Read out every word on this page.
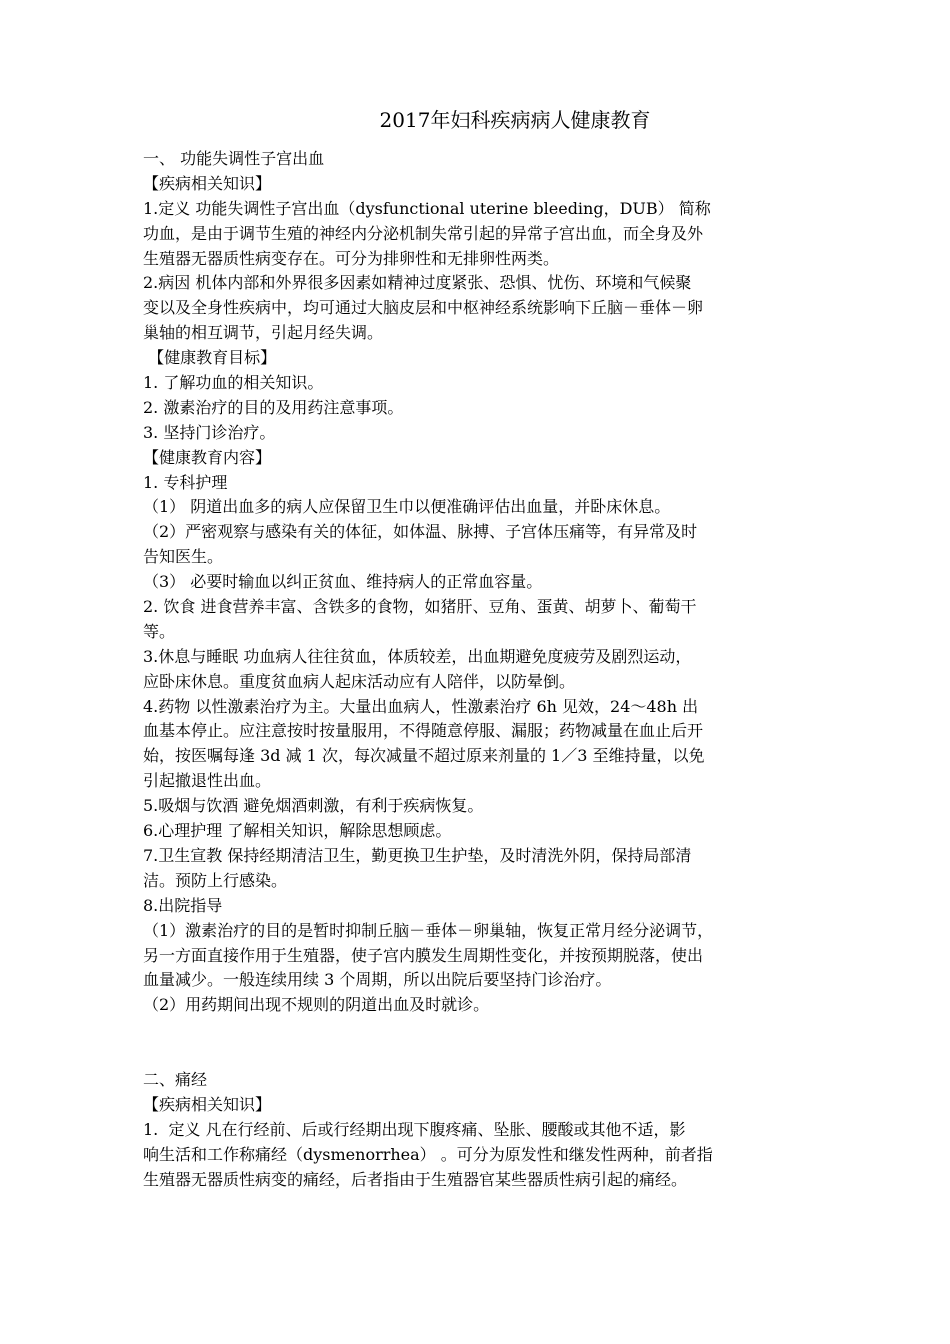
2017年妇科疾病病人健康教育
一、 功能失调性子宫出血
【疾病相关知识】
1.定义 功能失调性子宫出血（dysfunctional uterine bleeding，DUB） 简称
功血，是由于调节生殖的神经内分泌机制失常引起的异常子宫出血，而全身及外
生殖器无器质性病变存在。可分为排卵性和无排卵性两类。
2.病因 机体内部和外界很多因素如精神过度紧张、恐惧、忧伤、环境和气候聚
变以及全身性疾病中，均可通过大脑皮层和中枢神经系统影响下丘脑－垂体－卵
巢轴的相互调节，引起月经失调。
【健康教育目标】
1. 了解功血的相关知识。
2. 激素治疗的目的及用药注意事项。
3. 坚持门诊治疗。
【健康教育内容】
1. 专科护理
（1） 阴道出血多的病人应保留卫生巾以便准确评估出血量，并卧床休息。
（2）严密观察与感染有关的体征，如体温、脉搏、子宫体压痛等，有异常及时
告知医生。
（3） 必要时输血以纠正贫血、维持病人的正常血容量。
2. 饮食 进食营养丰富、含铁多的食物，如猪肝、豆角、蛋黄、胡萝卜、葡萄干
等。
3.休息与睡眠 功血病人往往贫血，体质较差，出血期避免度疲劳及剧烈运动，
应卧床休息。重度贫血病人起床活动应有人陪伴，以防晕倒。
4.药物 以性激素治疗为主。大量出血病人，性激素治疗 6h 见效，24～48h 出
血基本停止。应注意按时按量服用，不得随意停服、漏服；药物减量在血止后开
始，按医嘱每逢 3d 减 1 次，每次减量不超过原来剂量的 1／3 至维持量，以免
引起撤退性出血。
5.吸烟与饮酒 避免烟酒刺激，有利于疾病恢复。
6.心理护理 了解相关知识，解除思想顾虑。
7.卫生宣教 保持经期清洁卫生，勤更换卫生护垫，及时清洗外阴，保持局部清
洁。预防上行感染。
8.出院指导
（1）激素治疗的目的是暂时抑制丘脑－垂体－卵巢轴，恢复正常月经分泌调节，
另一方面直接作用于生殖器，使子宫内膜发生周期性变化，并按预期脱落，使出
血量减少。一般连续用续 3 个周期，所以出院后要坚持门诊治疗。
（2）用药期间出现不规则的阴道出血及时就诊。
二、痛经
【疾病相关知识】
1.  定义 凡在行经前、后或行经期出现下腹疼痛、坠胀、腰酸或其他不适，影
响生活和工作称痛经（dysmenorrhea） 。可分为原发性和继发性两种，前者指
生殖器无器质性病变的痛经，后者指由于生殖器官某些器质性病引起的痛经。
